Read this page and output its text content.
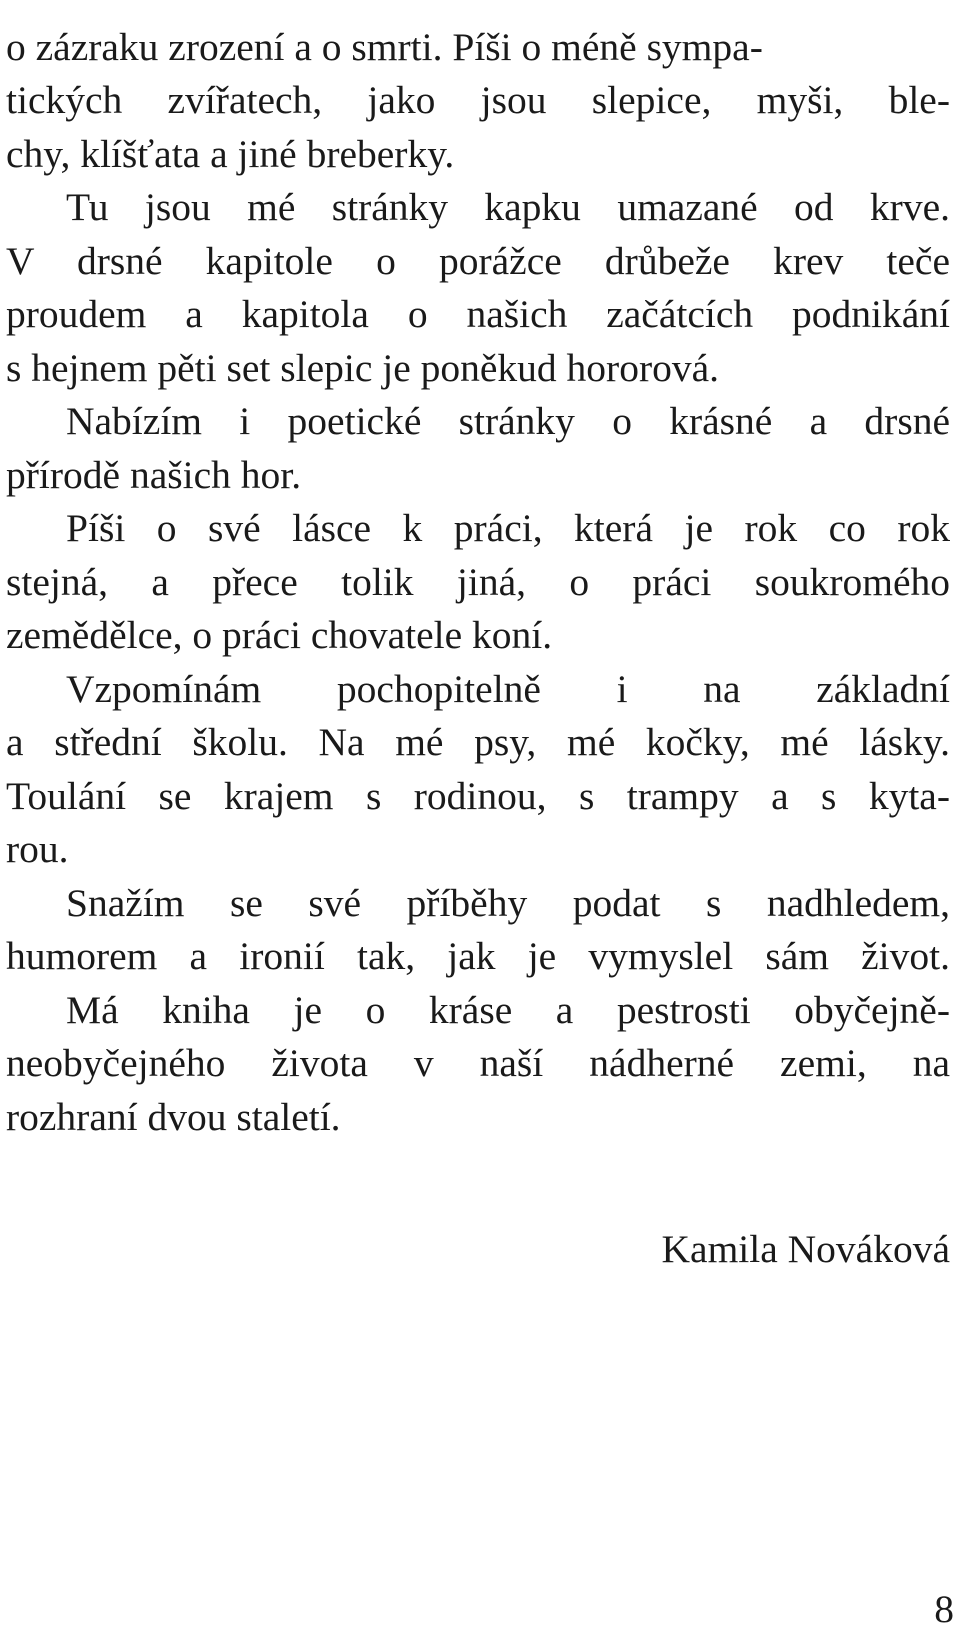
o zázraku zrození a o smrti. Píši o méně sympa-
tických zvířatech, jako jsou slepice, myši, ble-
chy, klíšťata a jiné breberky.
Tu jsou mé stránky kapku umazané od krve.
V drsné kapitole o porážce drůbeže krev teče
proudem a kapitola o našich začátcích podnikání
s hejnem pěti set slepic je poněkud hororová.
Nabízím i poetické stránky o krásné a drsné
přírodě našich hor.
Píši o své lásce k práci, která je rok co rok
stejná, a přece tolik jiná, o práci soukromého
zemědělce, o práci chovatele koní.
Vzpomínám pochopitelně i na základní
a střední školu. Na mé psy, mé kočky, mé lásky.
Toulání se krajem s rodinou, s trampy a s kyta-
rou.
Snažím se své příběhy podat s nadhledem,
humorem a ironií tak, jak je vymyslel sám život.
Má kniha je o kráse a pestrosti obyčejně-
neobyčejného života v naší nádherné zemi, na
rozhraní dvou staletí.
Kamila Nováková
8
